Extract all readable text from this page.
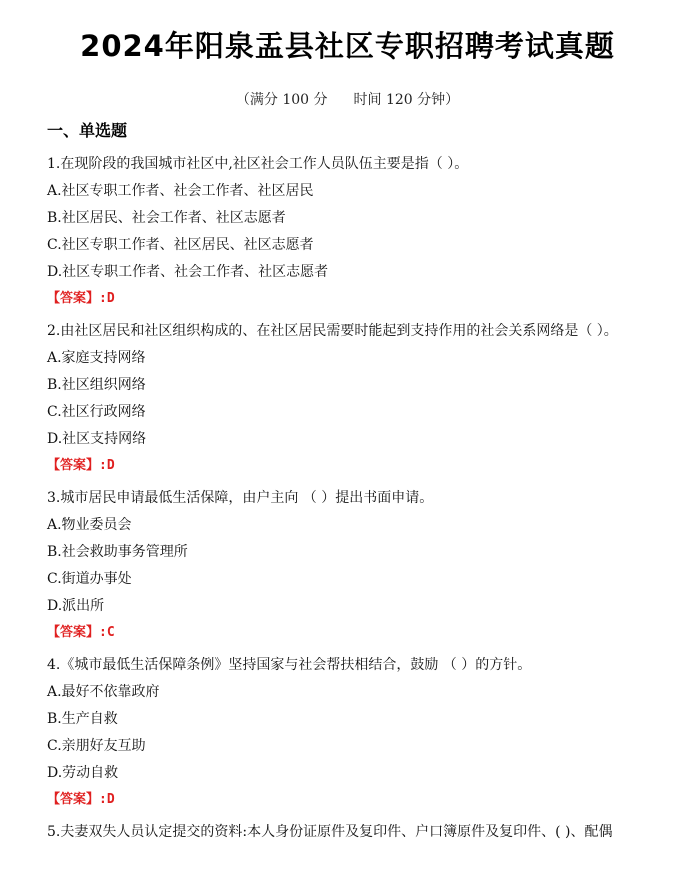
2024年阳泉盂县社区专职招聘考试真题
（满分 100 分 时间 120 分钟）
一、单选题
1.在现阶段的我国城市社区中,社区社会工作人员队伍主要是指（ ）。
A.社区专职工作者、社会工作者、社区居民
B.社区居民、社会工作者、社区志愿者
C.社区专职工作者、社区居民、社区志愿者
D.社区专职工作者、社会工作者、社区志愿者
【答案】:D
2.由社区居民和社区组织构成的、在社区居民需要时能起到支持作用的社会关系网络是（ ）。
A.家庭支持网络
B.社区组织网络
C.社区行政网络
D.社区支持网络
【答案】:D
3.城市居民申请最低生活保障，由户主向 （ ）提出书面申请。
A.物业委员会
B.社会救助事务管理所
C.街道办事处
D.派出所
【答案】:C
4.《城市最低生活保障条例》坚持国家与社会帮扶相结合，鼓励 （ ）的方针。
A.最好不依靠政府
B.生产自救
C.亲朋好友互助
D.劳动自救
【答案】:D
5.夫妻双失人员认定提交的资料:本人身份证原件及复印件、户口簿原件及复印件、( )、配偶
